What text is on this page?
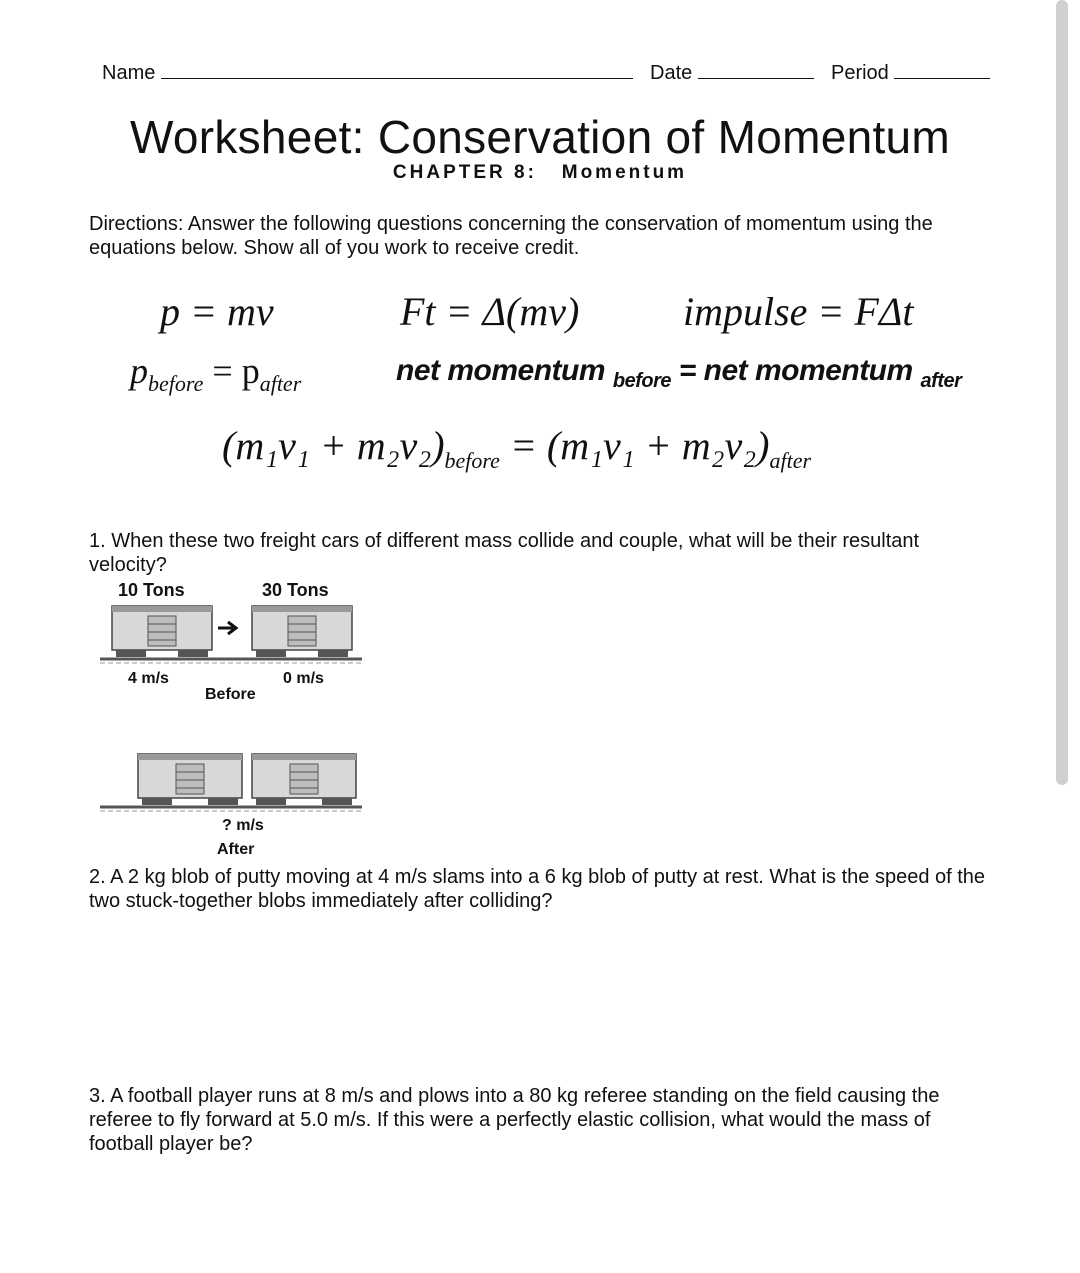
Name	Date	Period
Worksheet: Conservation of Momentum
CHAPTER 8:   Momentum
Directions: Answer the following questions concerning the conservation of momentum using the equations below. Show all of you work to receive credit.
p = mv	Ft = Δ(mv)	impulse = FΔt
$p_{before} = p_{after}$	net momentum $_{before}$ = net momentum $_{after}$
$(m_1v_1 + m_2v_2)_{before} = (m_1v_1 + m_2v_2)_{after}$
1. When these two freight cars of different mass collide and couple, what will be their resultant velocity?
10 Tons	30 Tons
4 m/s	0 m/s
Before
? m/s
After
2. A 2 kg blob of putty moving at 4 m/s slams into a 6 kg blob of putty at rest. What is the speed of the two stuck-together blobs immediately after colliding?
3. A football player runs at 8 m/s and plows into a 80 kg referee standing on the field causing the referee to fly forward at 5.0 m/s. If this were a perfectly elastic collision, what would the mass of football player be?
